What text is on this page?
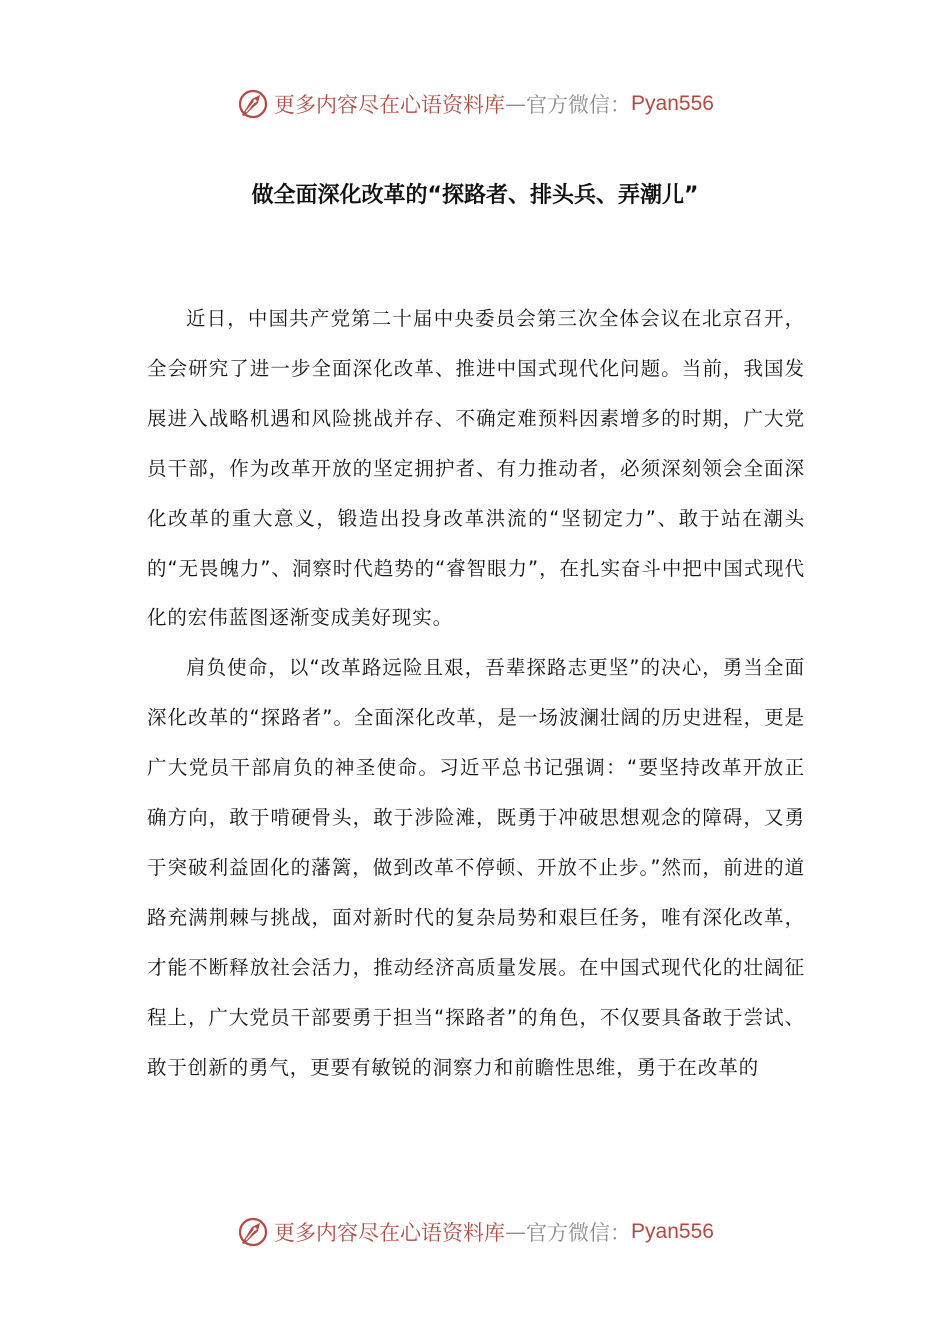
更多内容尽在心语资料库 — 官方微信： Pyan556
做全面深化改革的“探路者、排头兵、弄潮儿”

近日，中国共产党第二十届中央委员会第三次全体会议在北京召开，全会研究了进一步全面深化改革、推进中国式现代化问题。当前，我国发展进入战略机遇和风险挑战并存、不确定难预料因素增多的时期，广大党员干部，作为改革开放的坚定拥护者、有力推动者，必须深刻领会全面深化改革的重大意义，锻造出投身改革洪流的“坚韧定力”、敢于站在潮头的“无畏魄力”、洞察时代趋势的“睿智眼力”，在扎实奋斗中把中国式现代化的宏伟蓝图逐渐变成美好现实。

肩负使命，以“改革路远险且艰，吾辈探路志更坚”的决心，勇当全面深化改革的“探路者”。全面深化改革，是一场波澜壮阔的历史进程，更是广大党员干部肩负的神圣使命。习近平总书记强调：“要坚持改革开放正确方向，敢于啃硬骨头，敢于涉险滩，既勇于冲破思想观念的障碍，又勇于突破利益固化的藩篱，做到改革不停顿、开放不止步。”然而，前进的道路充满荆棘与挑战，面对新时代的复杂局势和艰巨任务，唯有深化改革，才能不断释放社会活力，推动经济高质量发展。在中国式现代化的壮阔征程上，广大党员干部要勇于担当“探路者”的角色，不仅要具备敢于尝试、敢于创新的勇气，更要有敏锐的洞察力和前瞻性思维，勇于在改革的

更多内容尽在心语资料库 — 官方微信： Pyan556
